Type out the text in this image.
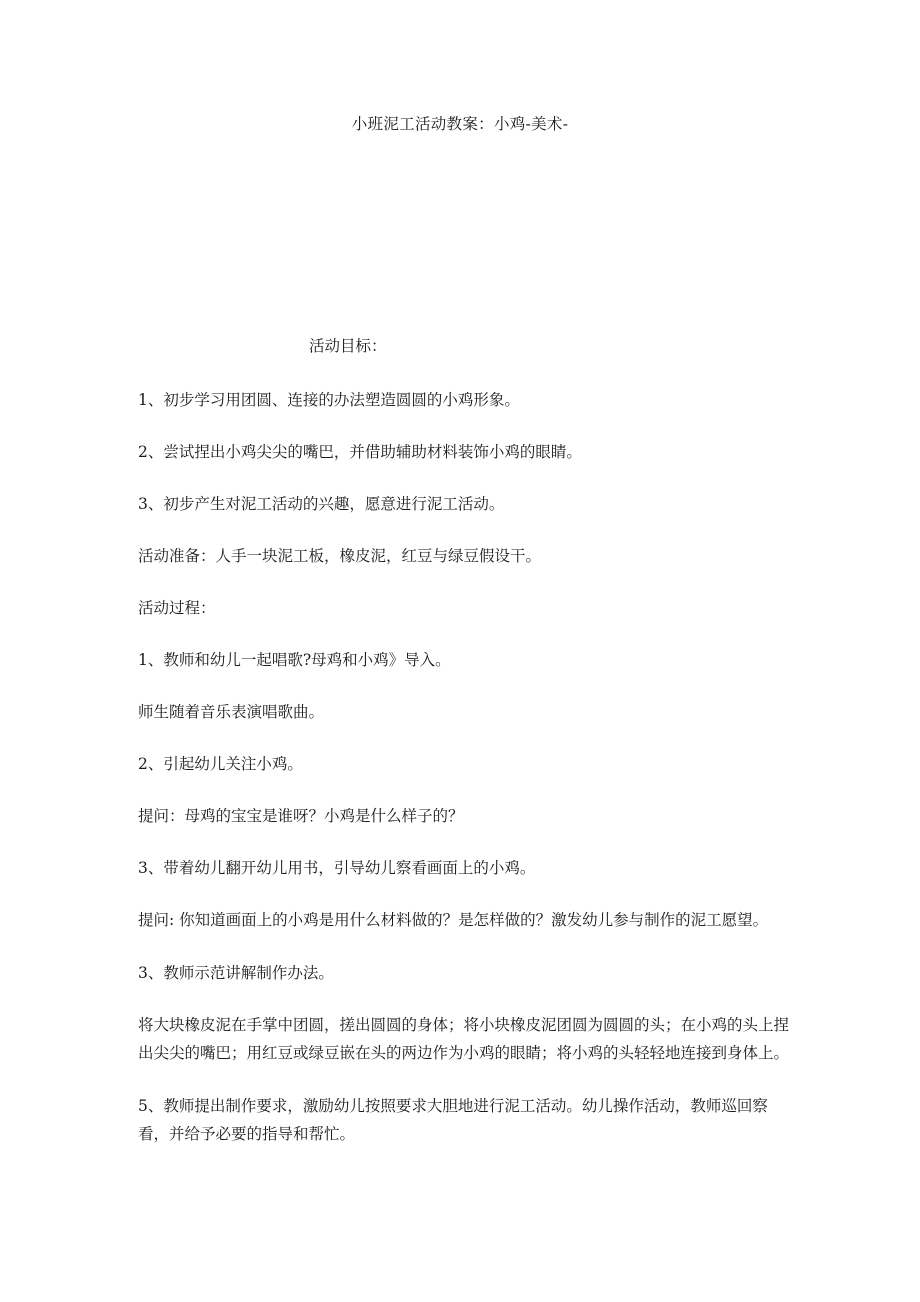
小班泥工活动教案：小鸡-美术-
活动目标：

1、初步学习用团圆、连接的办法塑造圆圆的小鸡形象。

2、尝试捏出小鸡尖尖的嘴巴，并借助辅助材料装饰小鸡的眼睛。

3、初步产生对泥工活动的兴趣，愿意进行泥工活动。

活动准备：人手一块泥工板，橡皮泥，红豆与绿豆假设干。

活动过程：

1、教师和幼儿一起唱歌?母鸡和小鸡》导入。

师生随着音乐表演唱歌曲。

2、引起幼儿关注小鸡。

提问：母鸡的宝宝是谁呀？小鸡是什么样子的？

3、带着幼儿翻开幼儿用书，引导幼儿察看画面上的小鸡。

提问: 你知道画面上的小鸡是用什么材料做的？是怎样做的？激发幼儿参与制作的泥工愿望。

3、教师示范讲解制作办法。

将大块橡皮泥在手掌中团圆，搓出圆圆的身体；将小块橡皮泥团圆为圆圆的头；在小鸡的头上捏出尖尖的嘴巴；用红豆或绿豆嵌在头的两边作为小鸡的眼睛；将小鸡的头轻轻地连接到身体上。

5、教师提出制作要求，激励幼儿按照要求大胆地进行泥工活动。幼儿操作活动，教师巡回察看，并给予必要的指导和帮忙。
